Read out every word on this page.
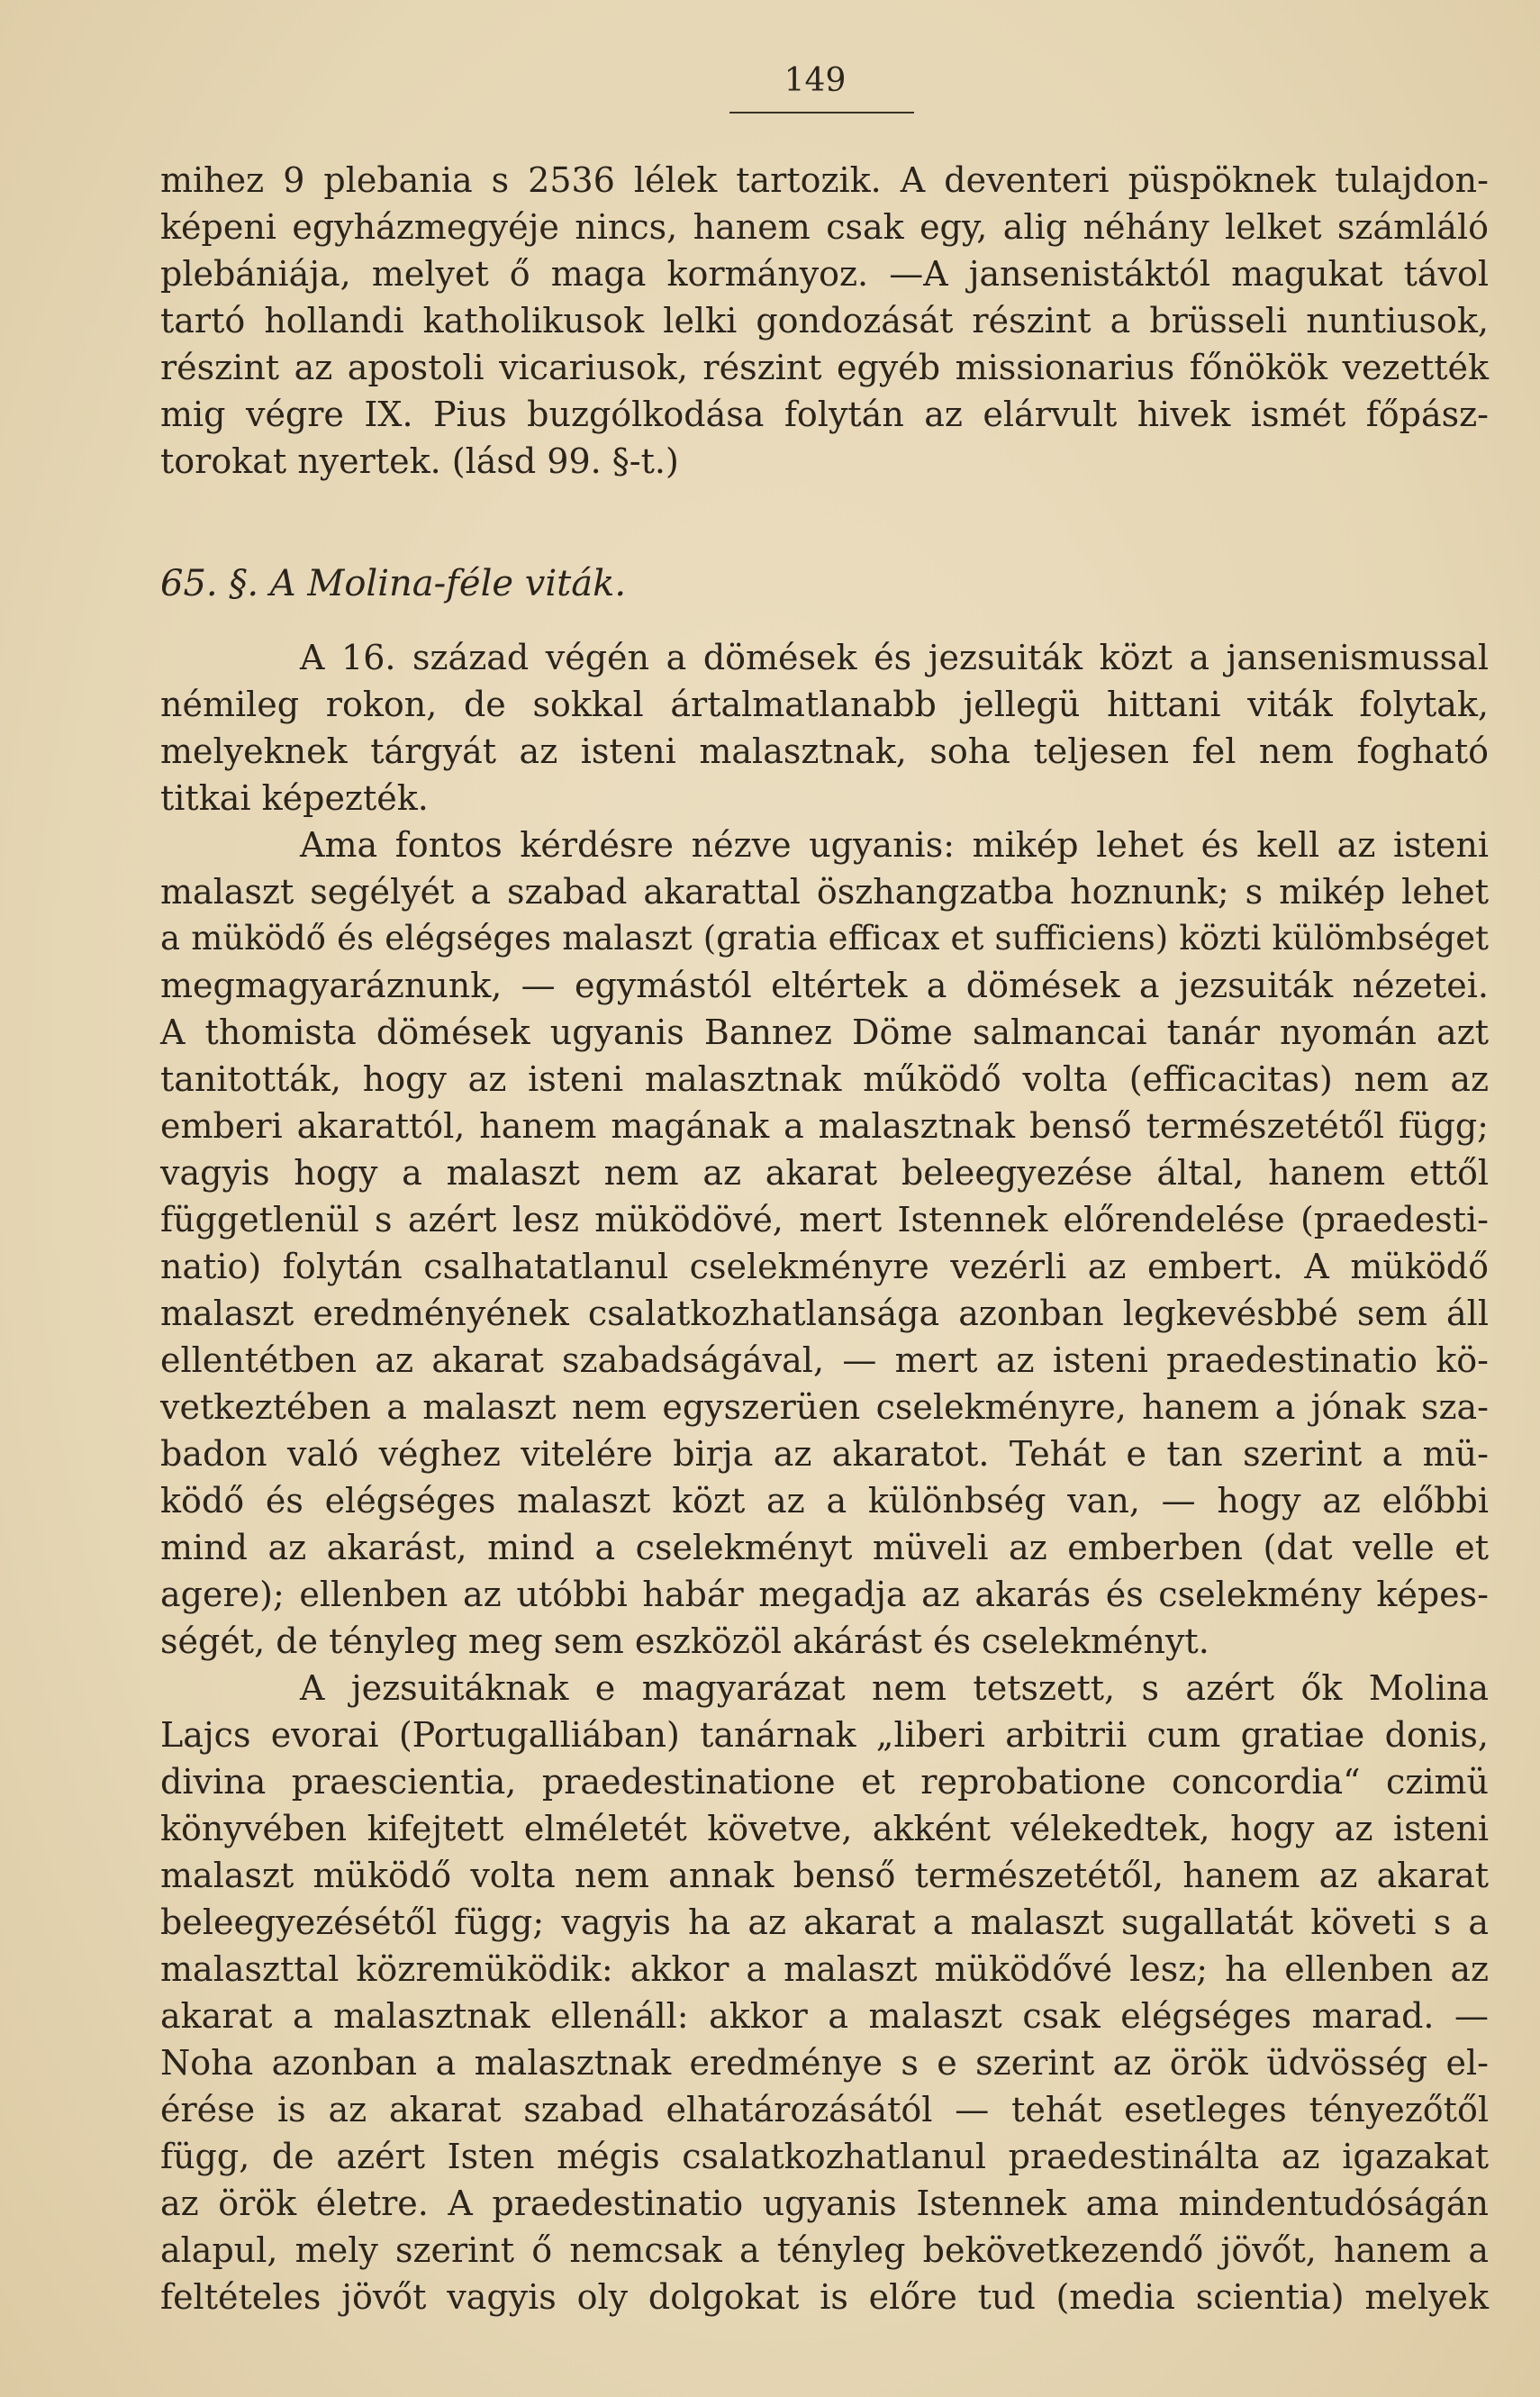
149
mihez 9 plebania s 2536 lélek tartozik. A deventeri püspöknek tulajdon-
képeni egyházmegyéje nincs, hanem csak egy, alig néhány lelket számláló
plebániája, melyet ő maga kormányoz. —A jansenistáktól magukat távol
tartó hollandi katholikusok lelki gondozását részint a brüsseli nuntiusok,
részint az apostoli vicariusok, részint egyéb missionarius főnökök vezették
mig végre IX. Pius buzgólkodása folytán az elárvult hivek ismét főpász-
torokat nyertek. (lásd 99. §-t.)
65. §. A Molina-féle viták.
A 16. század végén a dömések és jezsuiták közt a jansenismussal
némileg rokon, de sokkal ártalmatlanabb jellegü hittani viták folytak,
melyeknek tárgyát az isteni malasztnak, soha teljesen fel nem fogható
titkai képezték.
Ama fontos kérdésre nézve ugyanis: mikép lehet és kell az isteni
malaszt segélyét a szabad akarattal öszhangzatba hoznunk; s mikép lehet
a müködő és elégséges malaszt (gratia efficax et sufficiens) közti külömbséget
megmagyaráznunk, — egymástól eltértek a dömések a jezsuiták nézetei.
A thomista dömések ugyanis Bannez Döme salmancai tanár nyomán azt
tanitották, hogy az isteni malasztnak működő volta (efficacitas) nem az
emberi akarattól, hanem magának a malasztnak benső természetétől függ;
vagyis hogy a malaszt nem az akarat beleegyezése által, hanem ettől
függetlenül s azért lesz müködövé, mert Istennek előrendelése (praedesti-
natio) folytán csalhatatlanul cselekményre vezérli az embert. A müködő
malaszt eredményének csalatkozhatlansága azonban legkevésbbé sem áll
ellentétben az akarat szabadságával, — mert az isteni praedestinatio kö-
vetkeztében a malaszt nem egyszerüen cselekményre, hanem a jónak sza-
badon való véghez vitelére birja az akaratot. Tehát e tan szerint a mü-
ködő és elégséges malaszt közt az a különbség van, — hogy az előbbi
mind az akarást, mind a cselekményt müveli az emberben (dat velle et
agere); ellenben az utóbbi habár megadja az akarás és cselekmény képes-
ségét, de tényleg meg sem eszközöl akárást és cselekményt.
A jezsuitáknak e magyarázat nem tetszett, s azért ők Molina
Lajcs evorai (Portugalliában) tanárnak „liberi arbitrii cum gratiae donis,
divina praescientia, praedestinatione et reprobatione concordia“ czimü
könyvében kifejtett elméletét követve, akként vélekedtek, hogy az isteni
malaszt müködő volta nem annak benső természetétől, hanem az akarat
beleegyezésétől függ; vagyis ha az akarat a malaszt sugallatát követi s a
malaszttal közremüködik: akkor a malaszt müködővé lesz; ha ellenben az
akarat a malasztnak ellenáll: akkor a malaszt csak elégséges marad. —
Noha azonban a malasztnak eredménye s e szerint az örök üdvösség el-
érése is az akarat szabad elhatározásától — tehát esetleges tényezőtől
függ, de azért Isten mégis csalatkozhatlanul praedestinálta az igazakat
az örök életre. A praedestinatio ugyanis Istennek ama mindentudóságán
alapul, mely szerint ő nemcsak a tényleg bekövetkezendő jövőt, hanem a
feltételes jövőt vagyis oly dolgokat is előre tud (media scientia) melyek
